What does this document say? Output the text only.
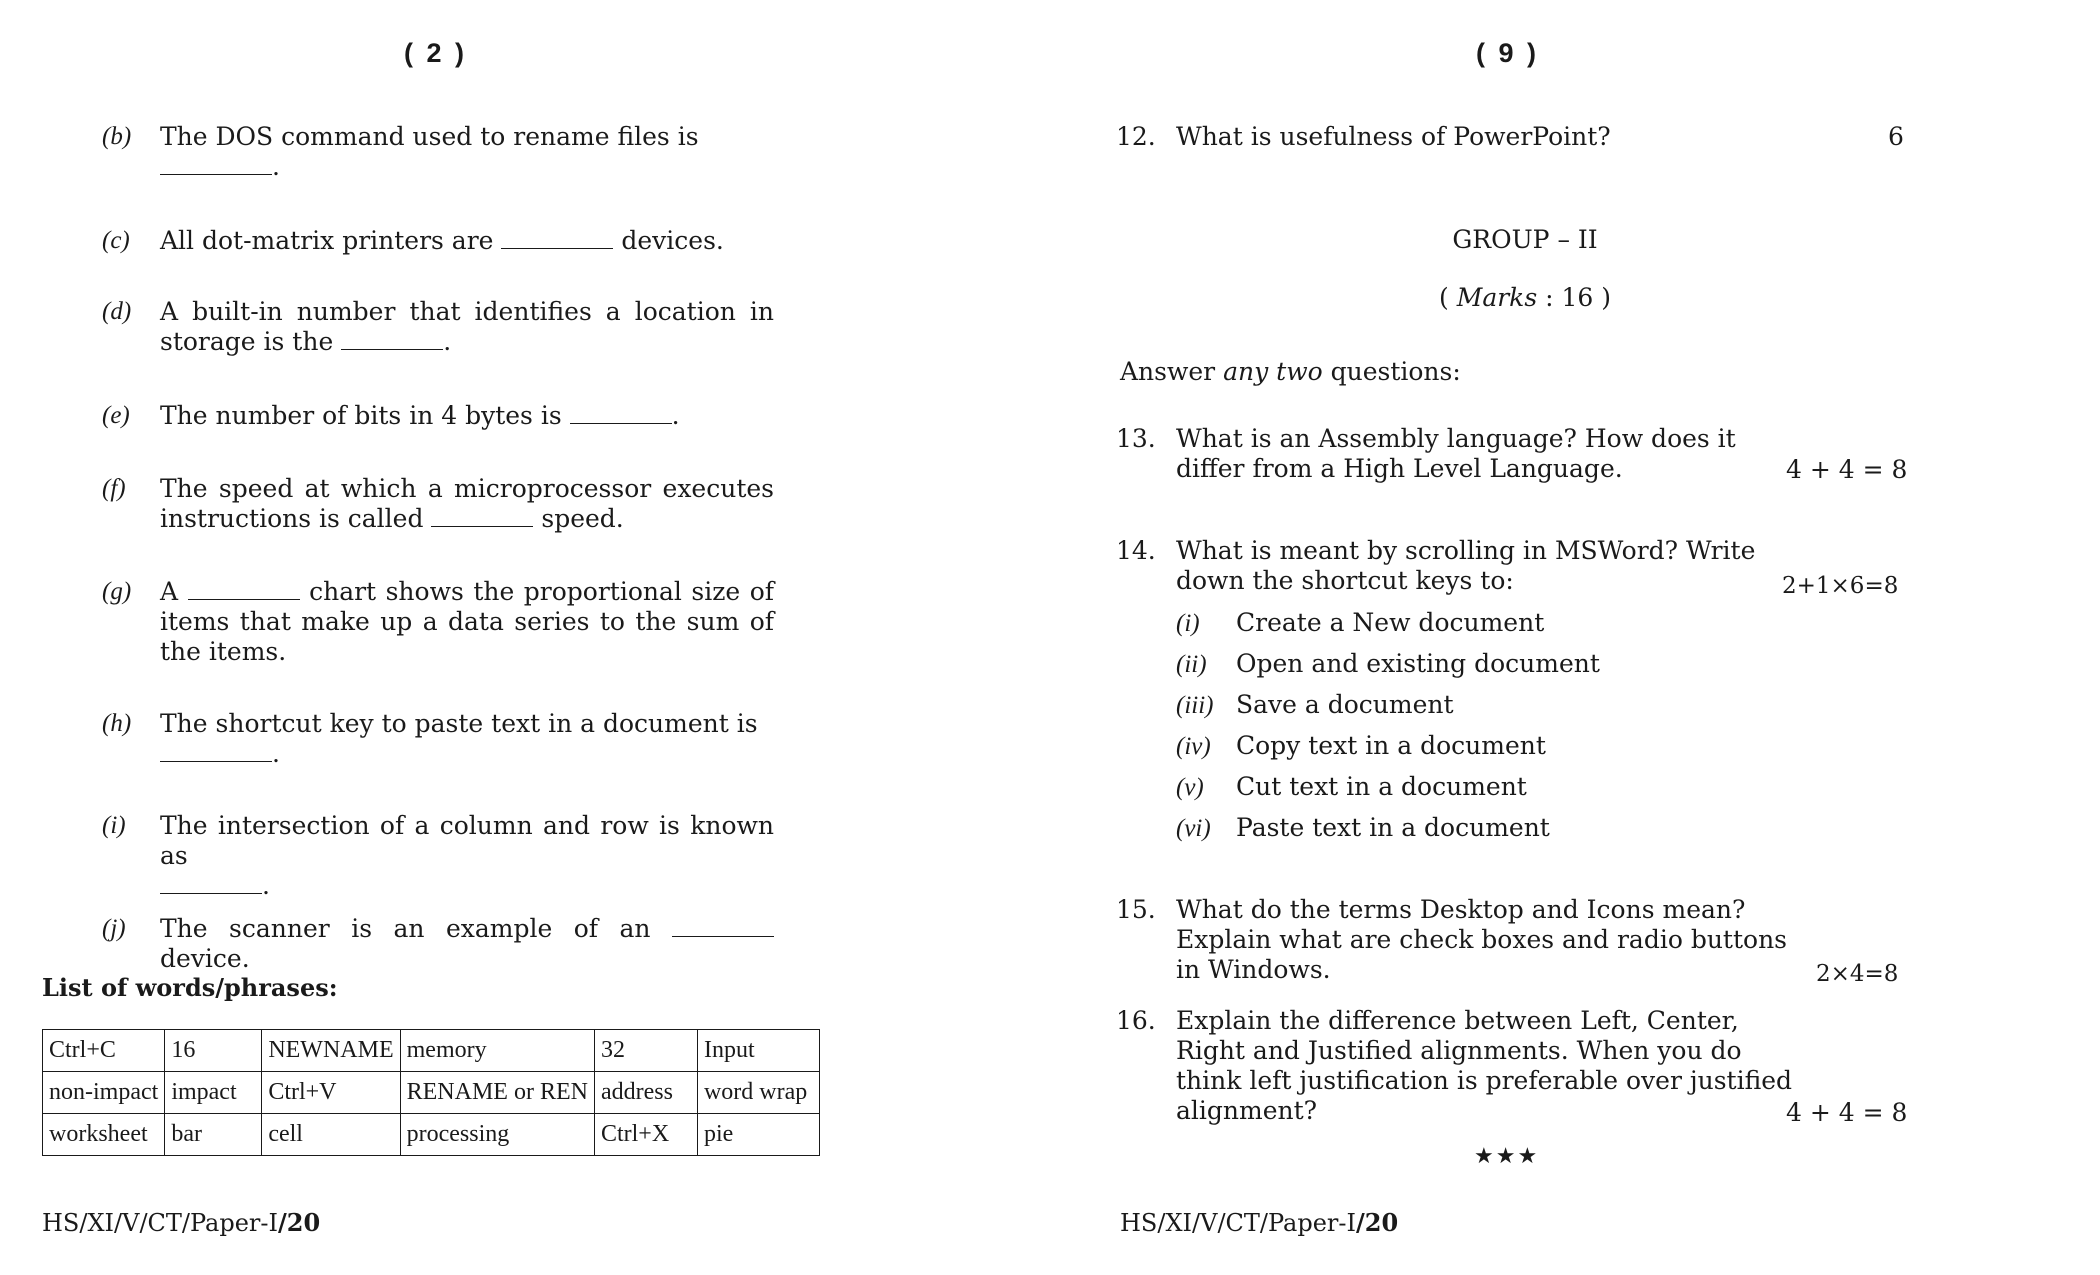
( 2 )
(b) The DOS command used to rename files is
.
(c) All dot-matrix printers are	devices.
(d) A built-in number that identifies a location in storage is the	.
(e) The number of bits in 4 bytes is	.
(f) The speed at which a microprocessor executes instructions is called	speed.
(g) A	chart shows the proportional size of items that make up a data series to the sum of the items.
(h) The shortcut key to paste text in a document is
.
(i) The intersection of a column and row is known as
.
(j) The scanner is an example of an  device.
List of words/phrases:
Ctrl+C	16	NEWNAME	memory	32	Input
non-impact	impact	Ctrl+V	RENAME or REN	address	word wrap
worksheet	bar	cell	processing	Ctrl+X	pie
HS/XI/V/CT/Paper-I/20
( 9 )
12. What is usefulness of PowerPoint?	6
GROUP – II
( Marks : 16 )
Answer any two questions:
13. What is an Assembly language? How does it differ from a High Level Language.	4 + 4 = 8
14. What is meant by scrolling in MSWord? Write down the shortcut keys to:	2+1×6=8
(i) Create a New document
(ii) Open and existing document
(iii) Save a document
(iv) Copy text in a document
(v) Cut text in a document
(vi) Paste text in a document
15. What do the terms Desktop and Icons mean? Explain what are check boxes and radio buttons in Windows.	2×4=8
16. Explain the difference between Left, Center, Right and Justified alignments. When you do think left justification is preferable over justified alignment?	4 + 4 = 8
★★★
HS/XI/V/CT/Paper-I/20
